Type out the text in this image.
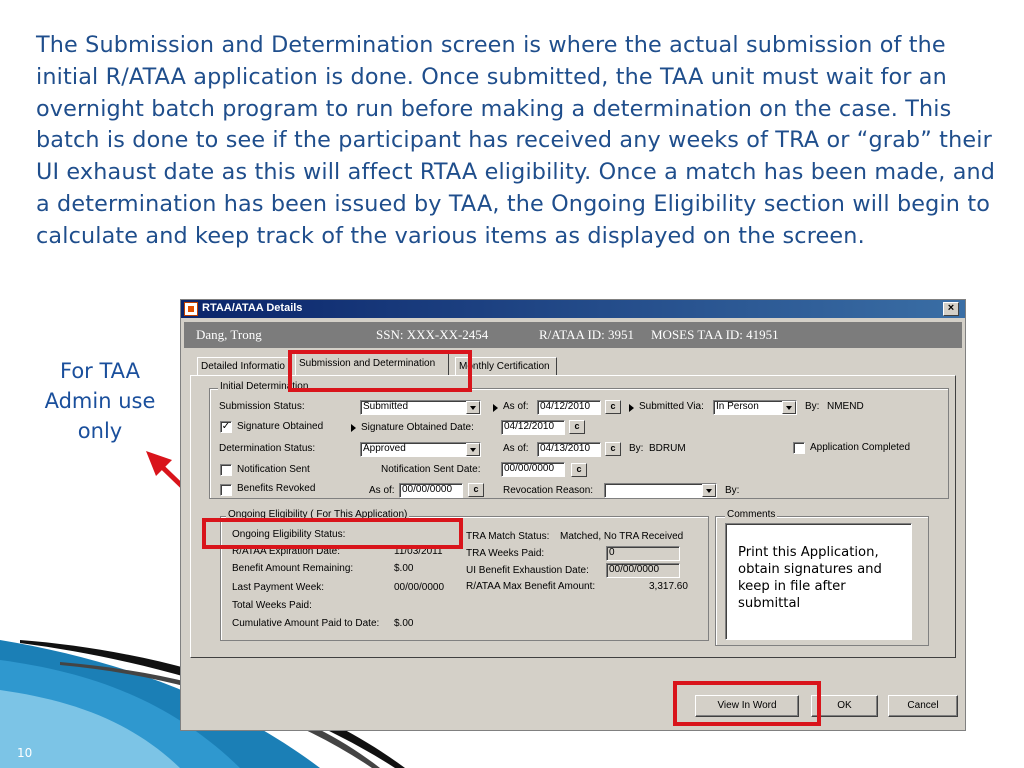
The Submission and Determination screen is where the actual submission of the initial R/ATAA application is done. Once submitted, the TAA unit must wait for an overnight batch program to run before making a determination on the case. This batch is done to see if the participant has received any weeks of TRA or “grab” their UI exhaust date as this will affect RTAA eligibility. Once a match has been made, and a determination has been issued by TAA, the Ongoing Eligibility section will begin to calculate and keep track of the various items as displayed on the screen.

For TAA Admin use only

10
RTAA/ATAA Details	×
Dang, Trong	SSN: XXX-XX-2454	R/ATAA ID: 3951 MOSES TAA ID: 41951
Detailed Informatio	Submission and Determination	Monthly Certification
Initial Determination
Submission Status:	Submitted	As of:	04/12/2010	c	Submitted Via:	In Person	By: NMEND
✓ Signature Obtained	Signature Obtained Date:	04/12/2010	c
Determination Status:	Approved	As of:	04/13/2010	c	By: BDRUM	Application Completed
Notification Sent	Notification Sent Date:	00/00/0000	c
Benefits Revoked	As of: 00/00/0000	c	Revocation Reason:	By:
Ongoing Eligibility ( For This Application)
Ongoing Eligibility Status:
R/ATAA Expiration Date:	11/03/2011
Benefit Amount Remaining:	$.00
Last Payment Week:	00/00/0000
Total Weeks Paid:
Cumulative Amount Paid to Date: $.00
TRA Match Status: Matched, No TRA Received
TRA Weeks Paid:	0
UI Benefit Exhaustion Date:	00/00/0000
R/ATAA Max Benefit Amount:	3,317.60
Comments
Print this Application, obtain signatures and keep in file after submittal
View In Word	OK	Cancel
